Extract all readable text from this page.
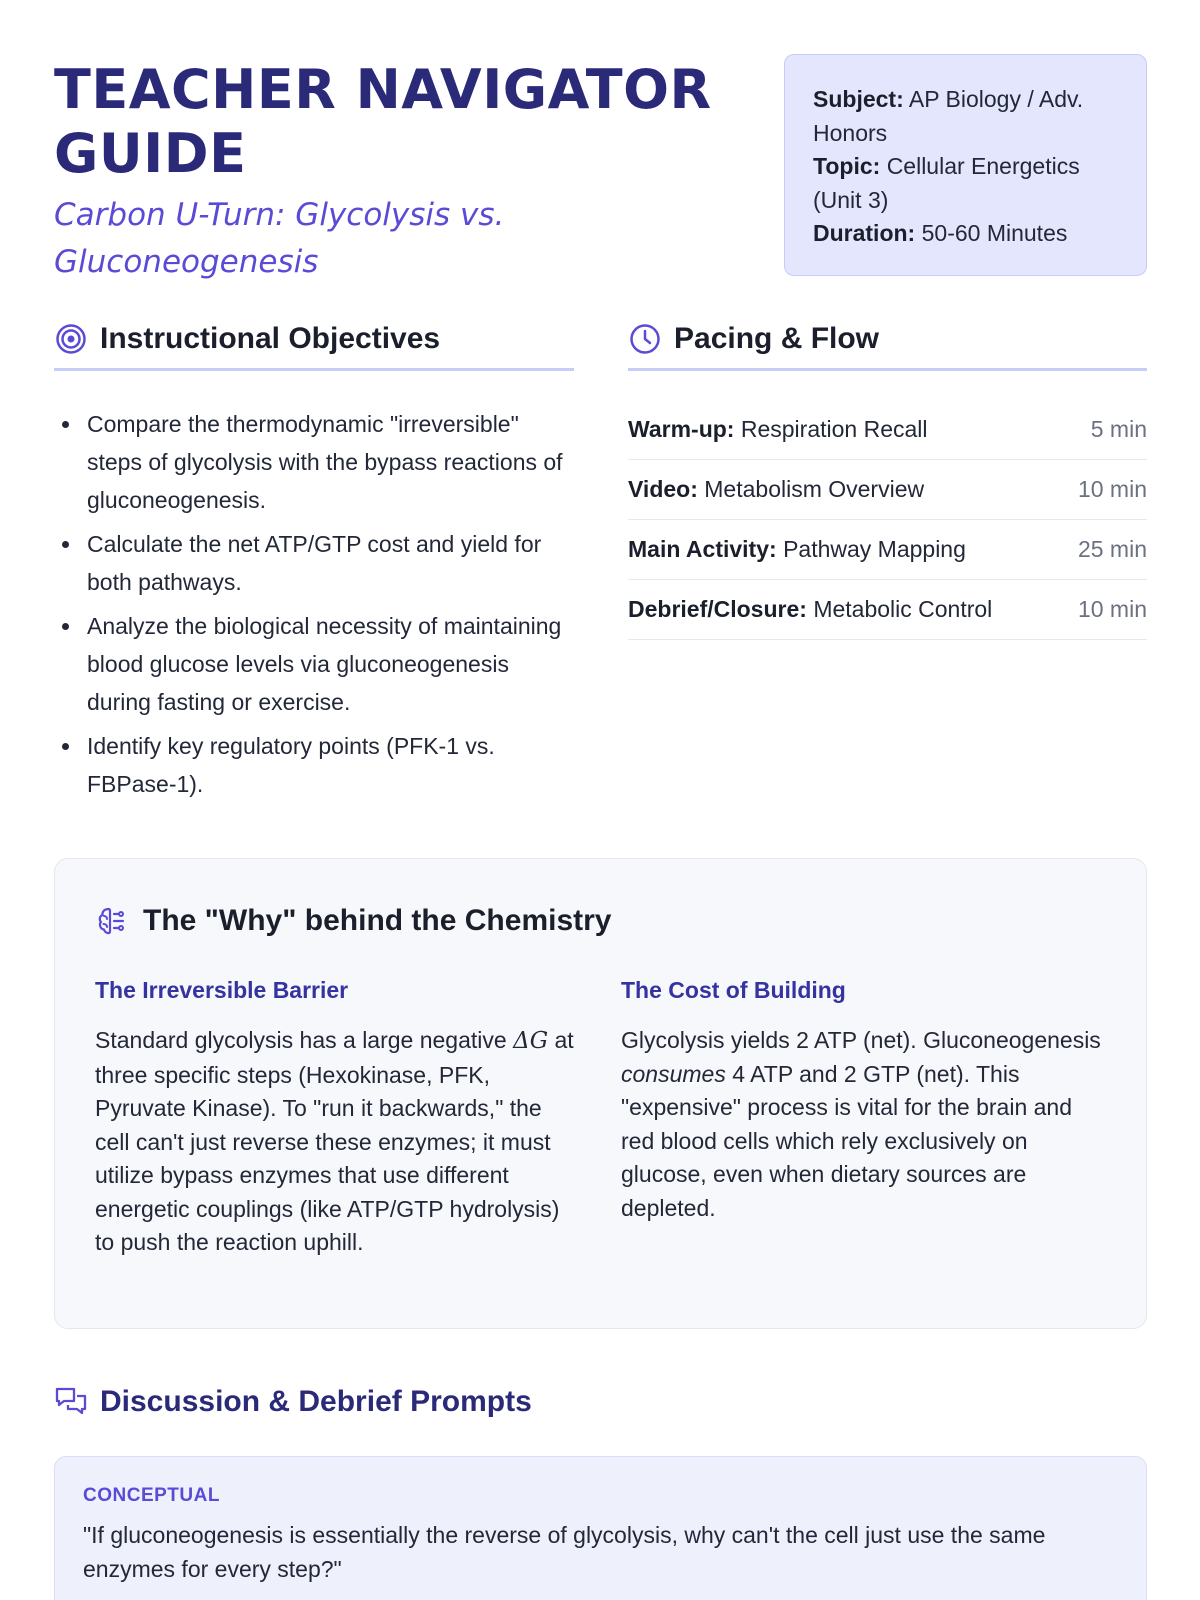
TEACHER NAVIGATOR GUIDE
Carbon U-Turn: Glycolysis vs. Gluconeogenesis
Subject: AP Biology / Adv. Honors
Topic: Cellular Energetics (Unit 3)
Duration: 50-60 Minutes
Instructional Objectives
Compare the thermodynamic "irreversible" steps of glycolysis with the bypass reactions of gluconeogenesis.
Calculate the net ATP/GTP cost and yield for both pathways.
Analyze the biological necessity of maintaining blood glucose levels via gluconeogenesis during fasting or exercise.
Identify key regulatory points (PFK-1 vs. FBPase-1).
Pacing & Flow
Warm-up: Respiration Recall	5 min
Video: Metabolism Overview	10 min
Main Activity: Pathway Mapping	25 min
Debrief/Closure: Metabolic Control	10 min
The "Why" behind the Chemistry
The Irreversible Barrier

Standard glycolysis has a large negative ΔG at three specific steps (Hexokinase, PFK, Pyruvate Kinase). To "run it backwards," the cell can't just reverse these enzymes; it must utilize bypass enzymes that use different energetic couplings (like ATP/GTP hydrolysis) to push the reaction uphill.

The Cost of Building

Glycolysis yields 2 ATP (net). Gluconeogenesis consumes 4 ATP and 2 GTP (net). This "expensive" process is vital for the brain and red blood cells which rely exclusively on glucose, even when dietary sources are depleted.

Discussion & Debrief Prompts
CONCEPTUAL
"If gluconeogenesis is essentially the reverse of glycolysis, why can't the cell just use the same enzymes for every step?"
